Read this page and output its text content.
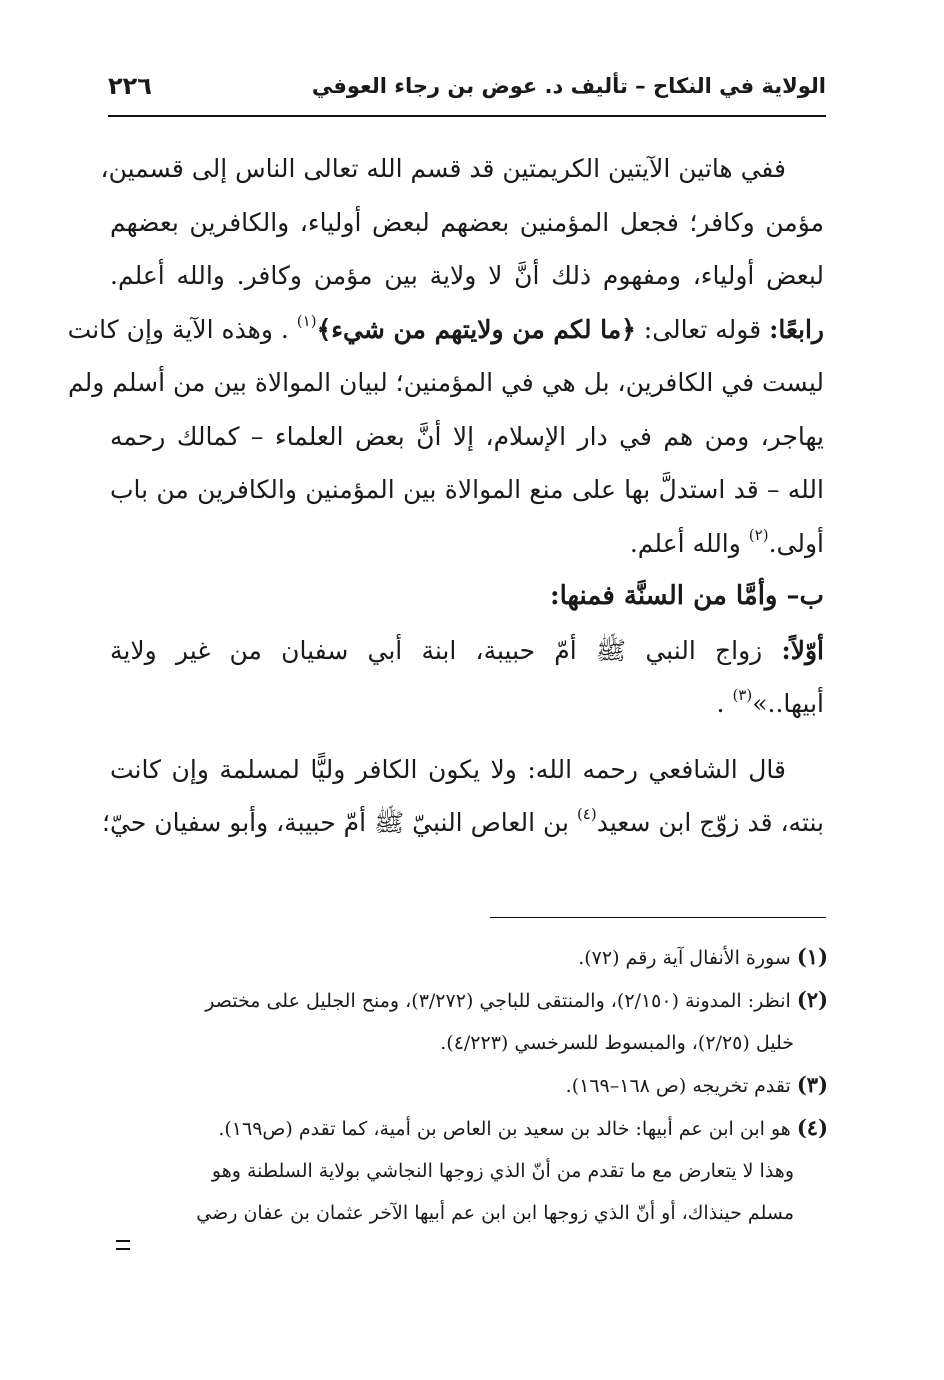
الولاية في النكاح – تأليف د. عوض بن رجاء العوفي
٢٢٦
ففي هاتين الآيتين الكريمتين قد قسم الله تعالى الناس إلى قسمين،
مؤمن وكافر؛ فجعل المؤمنين بعضهم لبعض أولياء، والكافرين بعضهم
لبعض أولياء، ومفهوم ذلك أنَّ لا ولاية بين مؤمن وكافر. والله أعلم.
رابعًا: قوله تعالى: ﴿ما لكم من ولايتهم من شيء﴾$^{(١)}$ . وهذه الآية وإن كانت
ليست في الكافرين، بل هي في المؤمنين؛ لبيان الموالاة بين من أسلم ولم
يهاجر، ومن هم في دار الإسلام، إلا أنَّ بعض العلماء – كمالك رحمه
الله – قد استدلَّ بها على منع الموالاة بين المؤمنين والكافرين من باب
أولى.$^{(٢)}$ والله أعلم.
ب– وأمَّا من السنَّة فمنها:
أوّلاً: زواج النبي ﷺ أمّ حبيبة، ابنة أبي سفيان من غير ولاية
أبيها..»$^{(٣)}$ .
قال الشافعي رحمه الله: ولا يكون الكافر وليًّا لمسلمة وإن كانت
بنته، قد زوّج ابن سعيد$^{(٤)}$ بن العاص النبيّ ﷺ أمّ حبيبة، وأبو سفيان حيّ؛
(١) سورة الأنفال آية رقم (٧٢).
(٢) انظر: المدونة (٢/١٥٠)، والمنتقى للباجي (٣/٢٧٢)، ومنح الجليل على مختصر
خليل (٢/٢٥)، والمبسوط للسرخسي (٤/٢٢٣).
(٣) تقدم تخريجه (ص ١٦٨–١٦٩).
(٤) هو ابن ابن عم أبيها: خالد بن سعيد بن العاص بن أمية، كما تقدم (ص١٦٩).
وهذا لا يتعارض مع ما تقدم من أنّ الذي زوجها النجاشي بولاية السلطنة وهو
مسلم حينذاك، أو أنّ الذي زوجها ابن ابن عم أبيها الآخر عثمان بن عفان رضي
